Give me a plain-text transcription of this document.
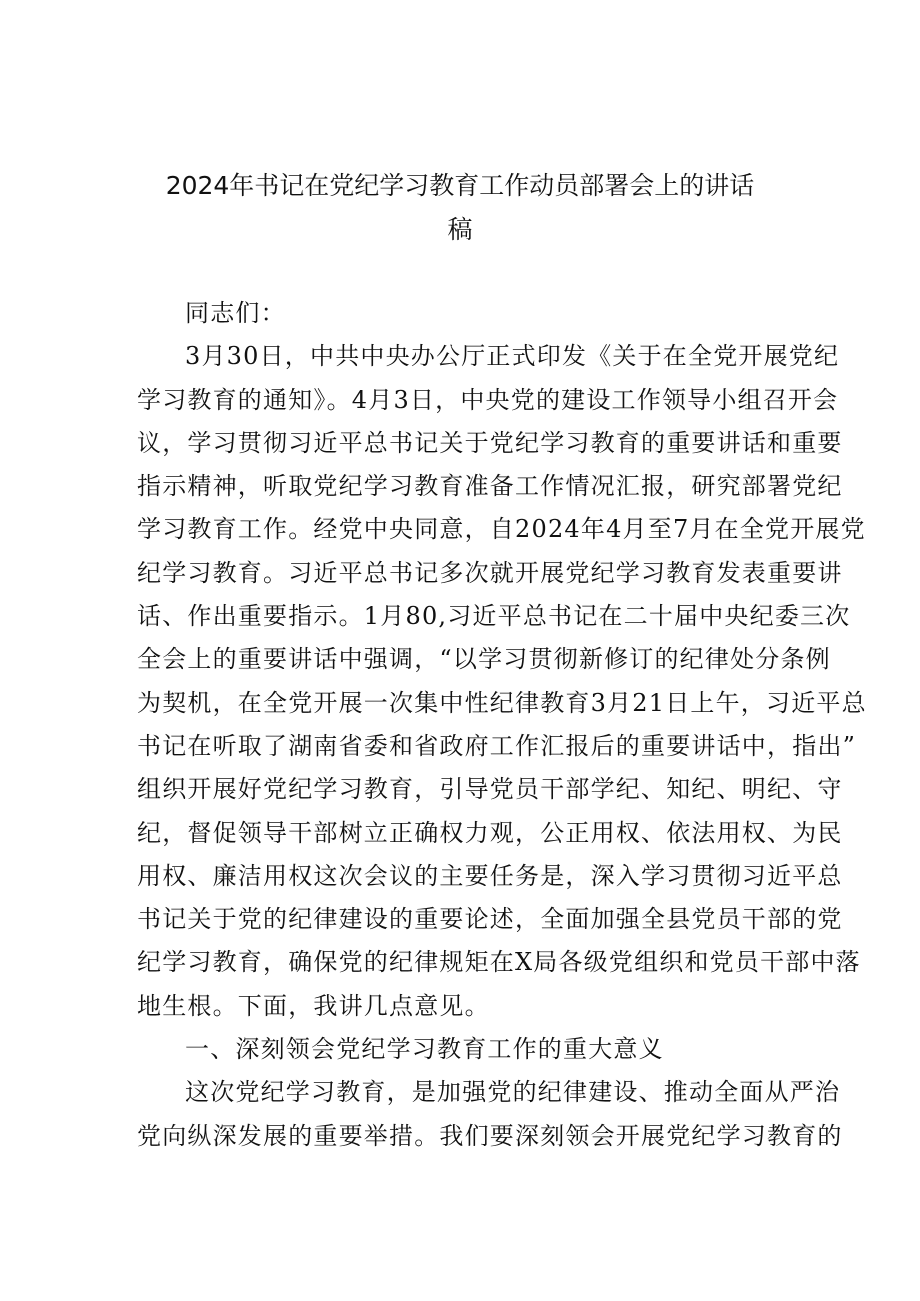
2024年书记在党纪学习教育工作动员部署会上的讲话
稿
同志们：

3月30日，中共中央办公厅正式印发《关于在全党开展党纪
学习教育的通知》。4月3日，中央党的建设工作领导小组召开会
议，学习贯彻习近平总书记关于党纪学习教育的重要讲话和重要
指示精神，听取党纪学习教育准备工作情况汇报，研究部署党纪
学习教育工作。经党中央同意，自2024年4月至7月在全党开展党
纪学习教育。习近平总书记多次就开展党纪学习教育发表重要讲
话、作出重要指示。1月80,习近平总书记在二十届中央纪委三次
全会上的重要讲话中强调，“以学习贯彻新修订的纪律处分条例
为契机，在全党开展一次集中性纪律教育3月21日上午，习近平总
书记在听取了湖南省委和省政府工作汇报后的重要讲话中，指出”
组织开展好党纪学习教育，引导党员干部学纪、知纪、明纪、守
纪，督促领导干部树立正确权力观，公正用权、依法用权、为民
用权、廉洁用权这次会议的主要任务是，深入学习贯彻习近平总
书记关于党的纪律建设的重要论述，全面加强全县党员干部的党
纪学习教育，确保党的纪律规矩在X局各级党组织和党员干部中落
地生根。下面，我讲几点意见。

一、深刻领会党纪学习教育工作的重大意义

这次党纪学习教育，是加强党的纪律建设、推动全面从严治
党向纵深发展的重要举措。我们要深刻领会开展党纪学习教育的
